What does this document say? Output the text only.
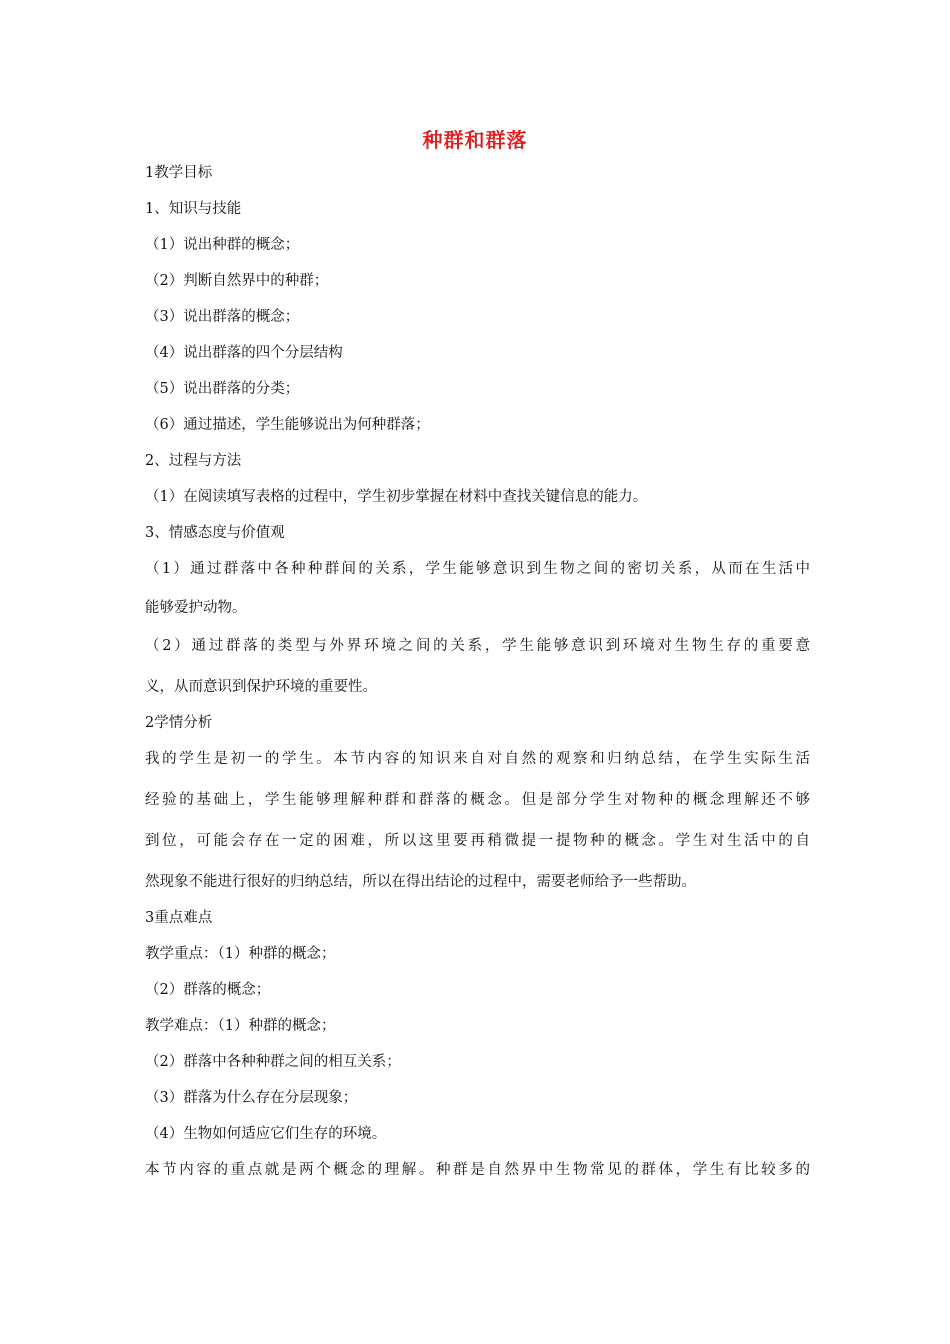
种群和群落
1教学目标
1、知识与技能
（1）说出种群的概念；
（2）判断自然界中的种群；
（3）说出群落的概念；
（4）说出群落的四个分层结构
（5）说出群落的分类；
（6）通过描述，学生能够说出为何种群落；
2、过程与方法
（1）在阅读填写表格的过程中，学生初步掌握在材料中查找关键信息的能力。
3、情感态度与价值观
（1）通过群落中各种种群间的关系，学生能够意识到生物之间的密切关系，从而在生活中
能够爱护动物。
（2）通过群落的类型与外界环境之间的关系，学生能够意识到环境对生物生存的重要意
义，从而意识到保护环境的重要性。
2学情分析
我的学生是初一的学生。本节内容的知识来自对自然的观察和归纳总结，在学生实际生活
经验的基础上，学生能够理解种群和群落的概念。但是部分学生对物种的概念理解还不够
到位，可能会存在一定的困难，所以这里要再稍微提一提物种的概念。学生对生活中的自
然现象不能进行很好的归纳总结，所以在得出结论的过程中，需要老师给予一些帮助。
3重点难点
教学重点：（1）种群的概念；
（2）群落的概念；
教学难点：（1）种群的概念；
（2）群落中各种种群之间的相互关系；
（3）群落为什么存在分层现象；
（4）生物如何适应它们生存的环境。
本节内容的重点就是两个概念的理解。种群是自然界中生物常见的群体，学生有比较多的
